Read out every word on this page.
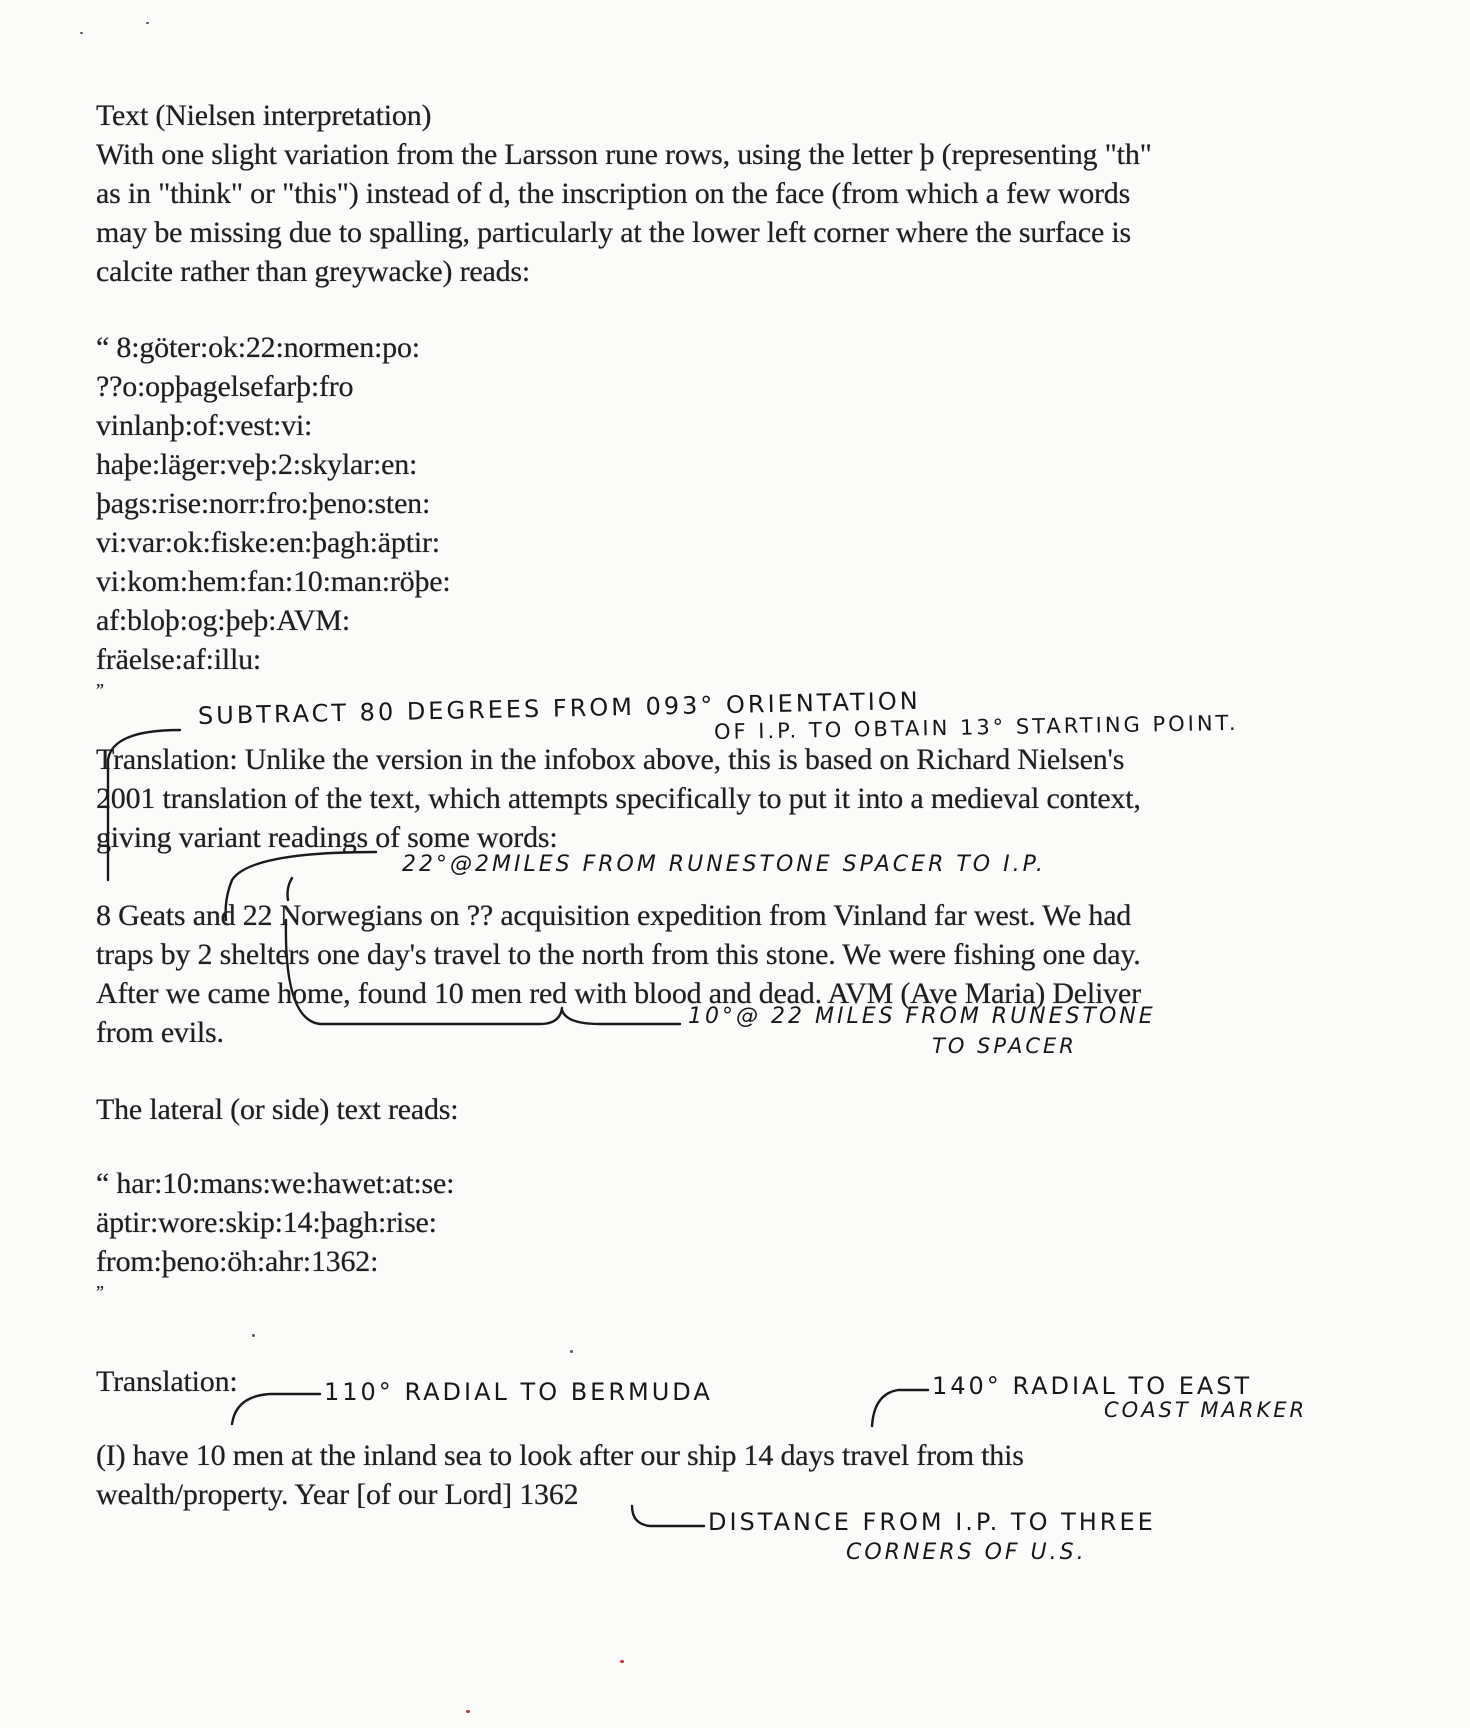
Text (Nielsen interpretation)
With one slight variation from the Larsson rune rows, using the letter þ (representing "th"
as in "think" or "this") instead of d, the inscription on the face (from which a few words
may be missing due to spalling, particularly at the lower left corner where the surface is
calcite rather than greywacke) reads:
“ 8:göter:ok:22:normen:po:
??o:opþagelsefarþ:fro
vinlanþ:of:vest:vi:
haþe:läger:veþ:2:skylar:en:
þags:rise:norr:fro:þeno:sten:
vi:var:ok:fiske:en:þagh:äptir:
vi:kom:hem:fan:10:man:röþe:
af:bloþ:og:þeþ:AVM:
fräelse:af:illu:
”
Translation: Unlike the version in the infobox above, this is based on Richard Nielsen's
2001 translation of the text, which attempts specifically to put it into a medieval context,
giving variant readings of some words:
8 Geats and 22 Norwegians on ?? acquisition expedition from Vinland far west. We had
traps by 2 shelters one day's travel to the north from this stone. We were fishing one day.
After we came home, found 10 men red with blood and dead. AVM (Ave Maria) Deliver
from evils.
The lateral (or side) text reads:
“ har:10:mans:we:hawet:at:se:
äptir:wore:skip:14:þagh:rise:
from:þeno:öh:ahr:1362:
”
Translation:
(I) have 10 men at the inland sea to look after our ship 14 days travel from this
wealth/property. Year [of our Lord] 1362
SUBTRACT 80 DEGREES FROM 093° ORIENTATION
OF I.P. TO OBTAIN 13° STARTING POINT.
22°@2MILES FROM RUNESTONE SPACER TO I.P.
10°@ 22 MILES FROM RUNESTONE
TO SPACER
110° RADIAL TO BERMUDA	140° RADIAL TO EAST
COAST MARKER
DISTANCE FROM I.P. TO THREE
CORNERS OF U.S.
